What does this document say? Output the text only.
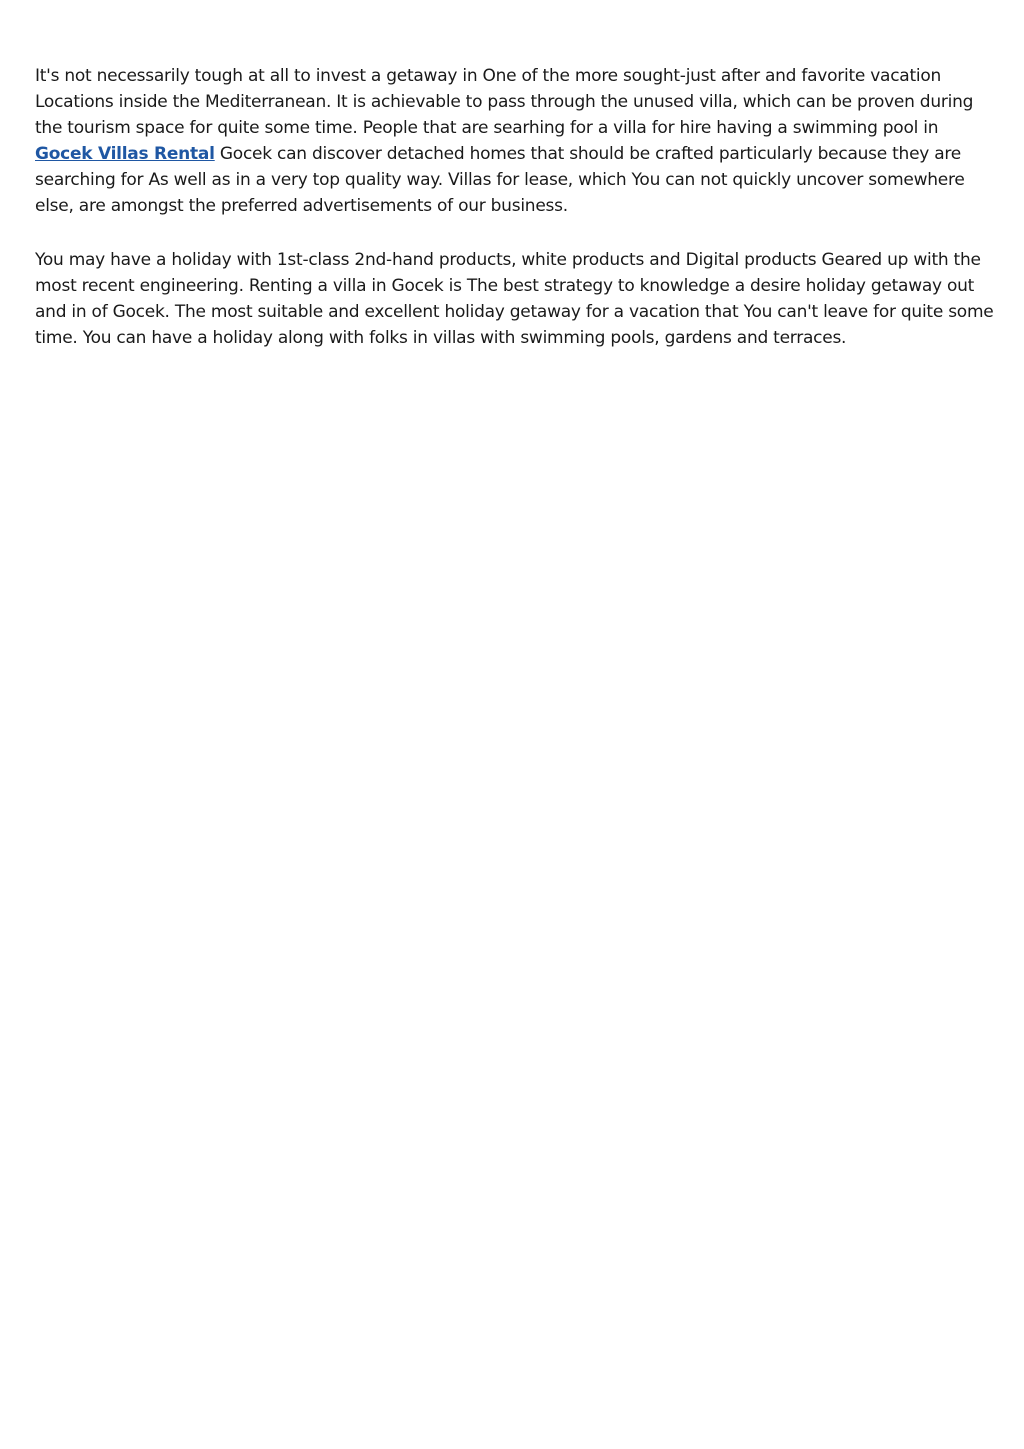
It's not necessarily tough at all to invest a getaway in One of the more sought-just after and favorite vacation Locations inside the Mediterranean. It is achievable to pass through the unused villa, which can be proven during the tourism space for quite some time. People that are searhing for a villa for hire having a swimming pool in Gocek Villas Rental Gocek can discover detached homes that should be crafted particularly because they are searching for As well as in a very top quality way. Villas for lease, which You can not quickly uncover somewhere else, are amongst the preferred advertisements of our business.

You may have a holiday with 1st-class 2nd-hand products, white products and Digital products Geared up with the most recent engineering. Renting a villa in Gocek is The best strategy to knowledge a desire holiday getaway out and in of Gocek. The most suitable and excellent holiday getaway for a vacation that You can't leave for quite some time. You can have a holiday along with folks in villas with swimming pools, gardens and terraces.
